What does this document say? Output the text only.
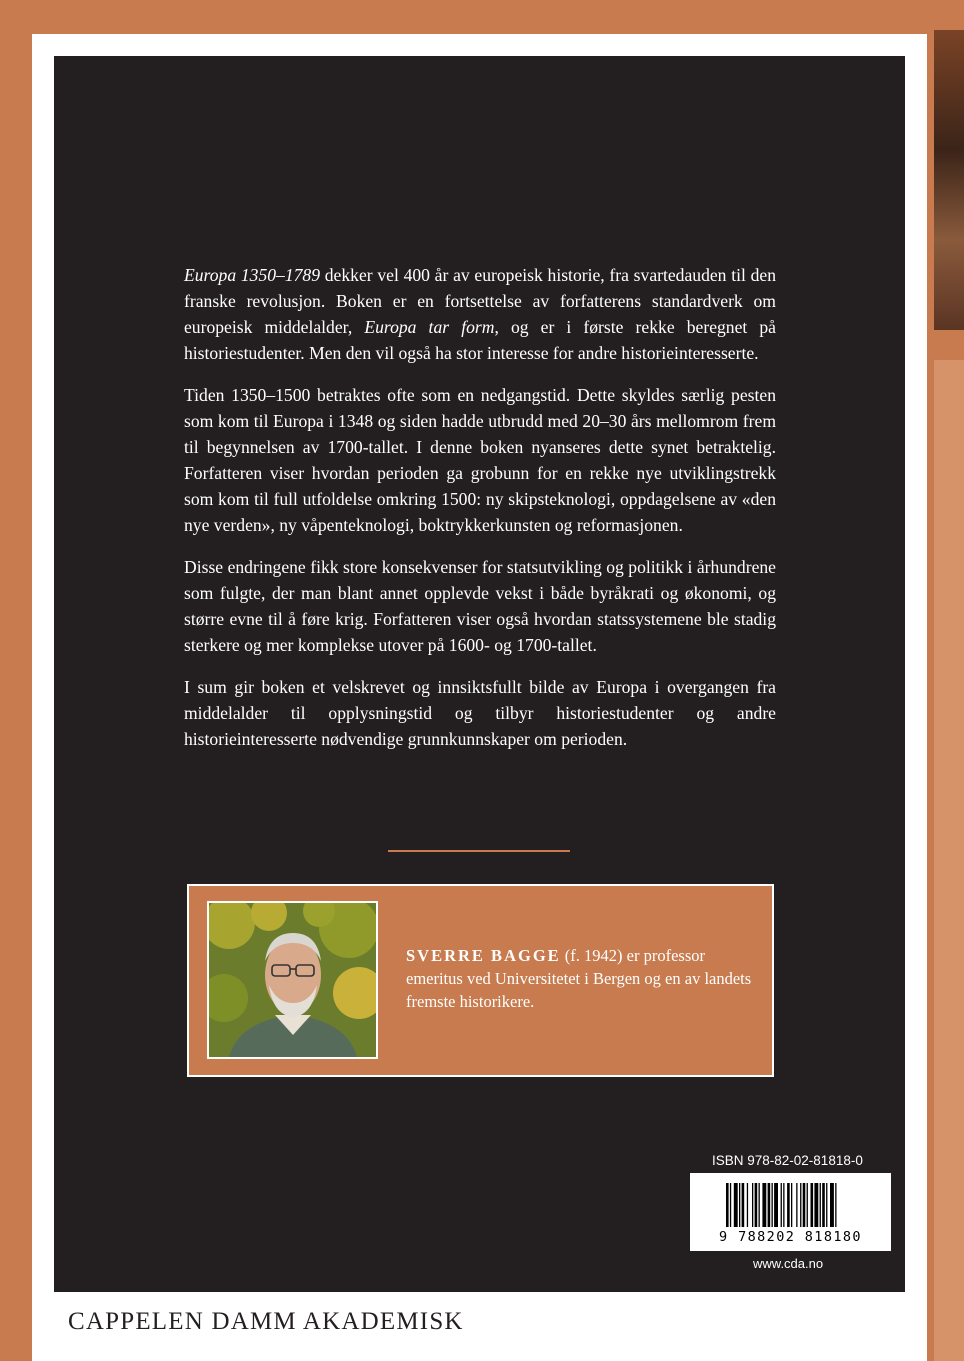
Europa 1350–1789 dekker vel 400 år av europeisk historie, fra svartedauden til den franske revolusjon. Boken er en fortsettelse av forfatterens standardverk om europeisk middelalder, Europa tar form, og er i første rekke beregnet på historiestudenter. Men den vil også ha stor interesse for andre historieinteresserte.

Tiden 1350–1500 betraktes ofte som en nedgangstid. Dette skyldes særlig pesten som kom til Europa i 1348 og siden hadde utbrudd med 20–30 års mellomrom frem til begynnelsen av 1700-tallet. I denne boken nyanseres dette synet betraktelig. Forfatteren viser hvordan perioden ga grobunn for en rekke nye utviklingstrekk som kom til full utfoldelse omkring 1500: ny skipsteknologi, oppdagelsene av «den nye verden», ny våpenteknologi, boktrykkerkunsten og reformasjonen.

Disse endringene fikk store konsekvenser for statsutvikling og politikk i århundrene som fulgte, der man blant annet opplevde vekst i både byråkrati og økonomi, og større evne til å føre krig. Forfatteren viser også hvordan statssystemene ble stadig sterkere og mer komplekse utover på 1600- og 1700-tallet.

I sum gir boken et velskrevet og innsiktsfullt bilde av Europa i overgangen fra middelalder til opplysningstid og tilbyr historiestudenter og andre historieinteresserte nødvendige grunnkunnskaper om perioden.

SVERRE BAGGE (f. 1942) er professor emeritus ved Universitetet i Bergen og en av landets fremste historikere.
ISBN 978-82-02-81818-0
9 788202 818180
www.cda.no
CAPPELEN DAMM AKADEMISK
